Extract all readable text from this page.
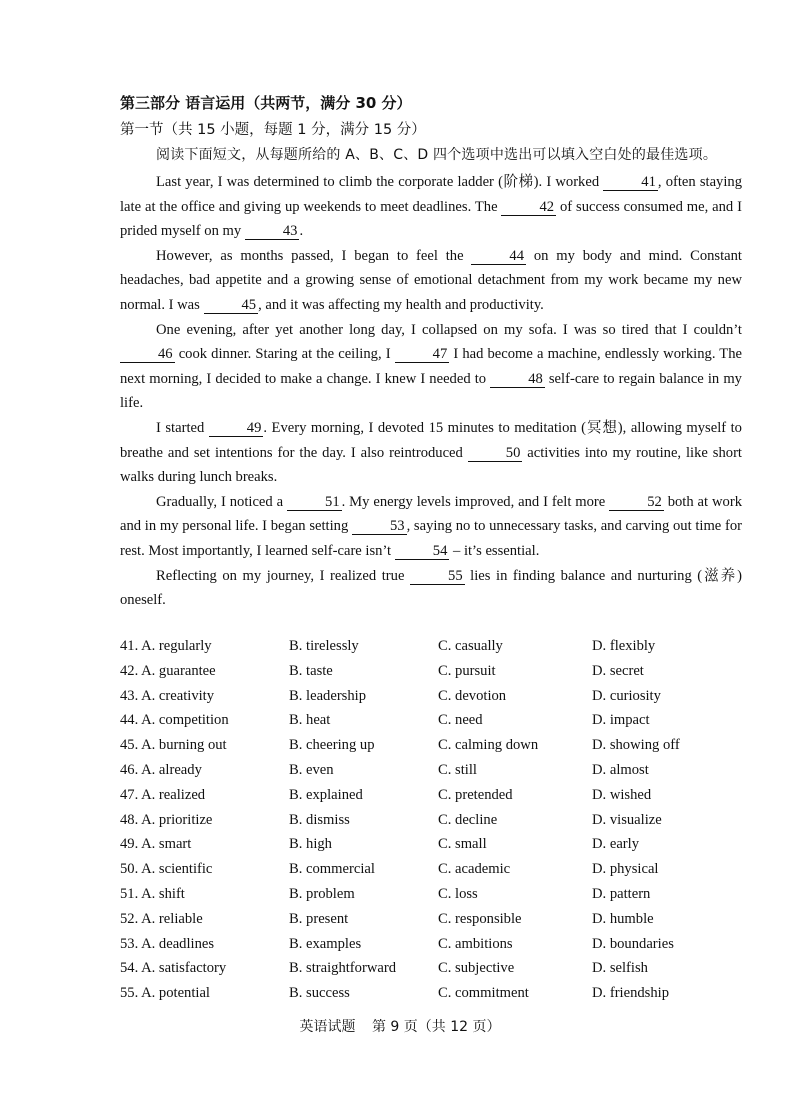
第三部分 语言运用（共两节，满分 30 分）
第一节（共 15 小题，每题 1 分，满分 15 分）
阅读下面短文，从每题所给的 A、B、C、D 四个选项中选出可以填入空白处的最佳选项。

Last year, I was determined to climb the corporate ladder (阶梯). I worked	41 , often staying late at the office and giving up weekends to meet deadlines. The	42 of success consumed me, and I prided myself on my	43 .

However, as months passed, I began to feel the	44 on my body and mind. Constant headaches, bad appetite and a growing sense of emotional detachment from my work became my new normal. I was	45 , and it was affecting my health and productivity.

One evening, after yet another long day, I collapsed on my sofa. I was so tired that I couldn’t 46 cook dinner. Staring at the ceiling, I	47 I had become a machine, endlessly working. The next morning, I decided to make a change. I knew I needed to	48 self-care to regain balance in my life.

I started	49 . Every morning, I devoted 15 minutes to meditation (冥想), allowing myself to breathe and set intentions for the day. I also reintroduced	50 activities into my routine, like short walks during lunch breaks.

Gradually, I noticed a	51 . My energy levels improved, and I felt more	52 both at work and in my personal life. I began setting	53 , saying no to unnecessary tasks, and carving out time for rest. Most importantly, I learned self-care isn’t	54 – it’s essential.

Reflecting on my journey, I realized true	55 lies in finding balance and nurturing (滋养) oneself.

41. A. regularly	B. tirelessly	C. casually	D. flexibly
42. A. guarantee	B. taste	C. pursuit	D. secret
43. A. creativity	B. leadership	C. devotion	D. curiosity
44. A. competition	B. heat	C. need	D. impact
45. A. burning out	B. cheering up	C. calming down	D. showing off
46. A. already	B. even	C. still	D. almost
47. A. realized	B. explained	C. pretended	D. wished
48. A. prioritize	B. dismiss	C. decline	D. visualize
49. A. smart	B. high	C. small	D. early
50. A. scientific	B. commercial	C. academic	D. physical
51. A. shift	B. problem	C. loss	D. pattern
52. A. reliable	B. present	C. responsible	D. humble
53. A. deadlines	B. examples	C. ambitions	D. boundaries
54. A. satisfactory	B. straightforward	C. subjective	D. selfish
55. A. potential	B. success	C. commitment	D. friendship
英语试题 第 9 页（共 12 页）
